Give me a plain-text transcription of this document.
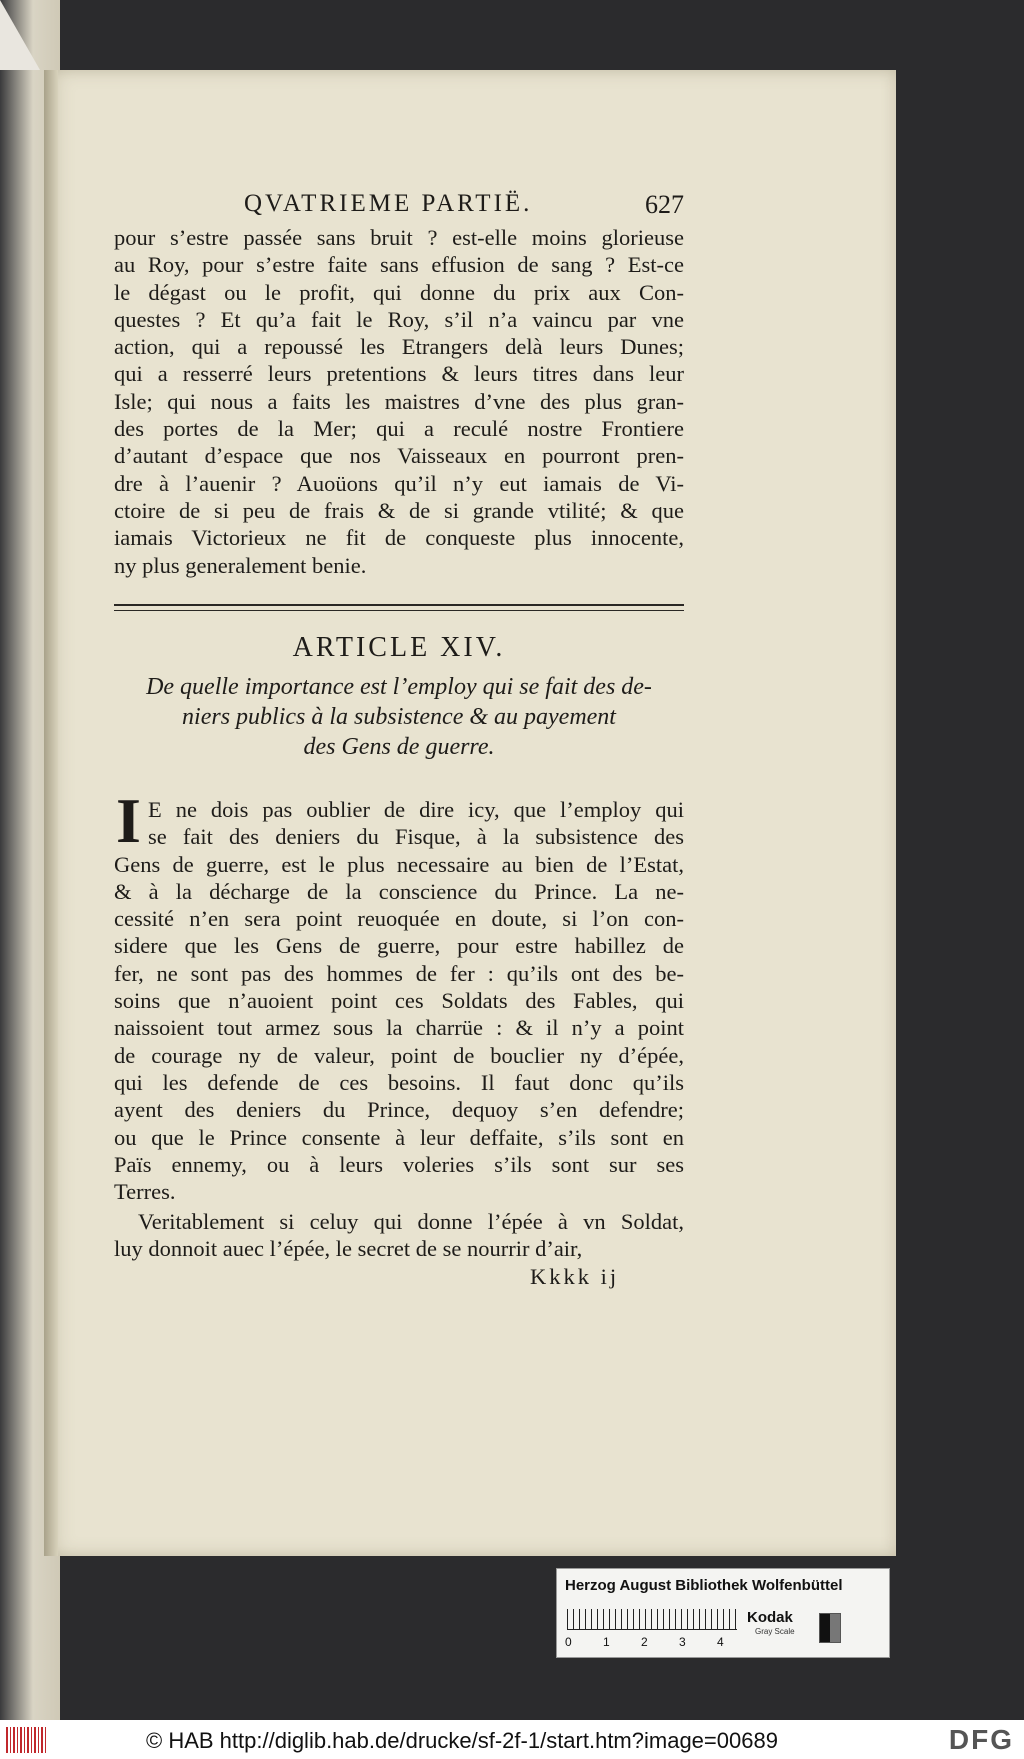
QVATRIEME PARTIË.	627

pour s’estre passée sans bruit ? est-elle moins glorieuse
au Roy, pour s’estre faite sans effusion de sang ? Est-ce
le dégast ou le profit, qui donne du prix aux Con-
questes ? Et qu’a fait le Roy, s’il n’a vaincu par vne
action, qui a repoussé les Etrangers delà leurs Dunes;
qui a resserré leurs pretentions & leurs titres dans leur
Isle; qui nous a faits les maistres d’vne des plus gran-
des portes de la Mer; qui a reculé nostre Frontiere
d’autant d’espace que nos Vaisseaux en pourront pren-
dre à l’auenir ? Auoüons qu’il n’y eut iamais de Vi-
ctoire de si peu de frais & de si grande vtilité; & que
iamais Victorieux ne fit de conqueste plus innocente,
ny plus generalement benie.

ARTICLE XIV.
De quelle importance est l’employ qui se fait des de-
niers publics à la subsistence & au payement
des Gens de guerre.
I E ne dois pas oublier de dire icy, que l’employ qui
se fait des deniers du Fisque, à la subsistence des
Gens de guerre, est le plus necessaire au bien de l’Estat,
& à la décharge de la conscience du Prince. La ne-
cessité n’en sera point reuoquée en doute, si l’on con-
sidere que les Gens de guerre, pour estre habillez de
fer, ne sont pas des hommes de fer : qu’ils ont des be-
soins que n’auoient point ces Soldats des Fables, qui
naissoient tout armez sous la charrüe : & il n’y a point
de courage ny de valeur, point de bouclier ny d’épée,
qui les defende de ces besoins. Il faut donc qu’ils
ayent des deniers du Prince, dequoy s’en defendre;
ou que le Prince consente à leur deffaite, s’ils sont en
Païs ennemy, ou à leurs voleries s’ils sont sur ses
Terres.

Veritablement si celuy qui donne l’épée à vn Soldat,
luy donnoit auec l’épée, le secret de se nourrir d’air,

Kkkk ij
Herzog August Bibliothek Wolfenbüttel
0	1	2	3	4
Kodak
Gray Scale
© HAB http://diglib.hab.de/drucke/sf-2f-1/start.htm?image=00689	DFG
